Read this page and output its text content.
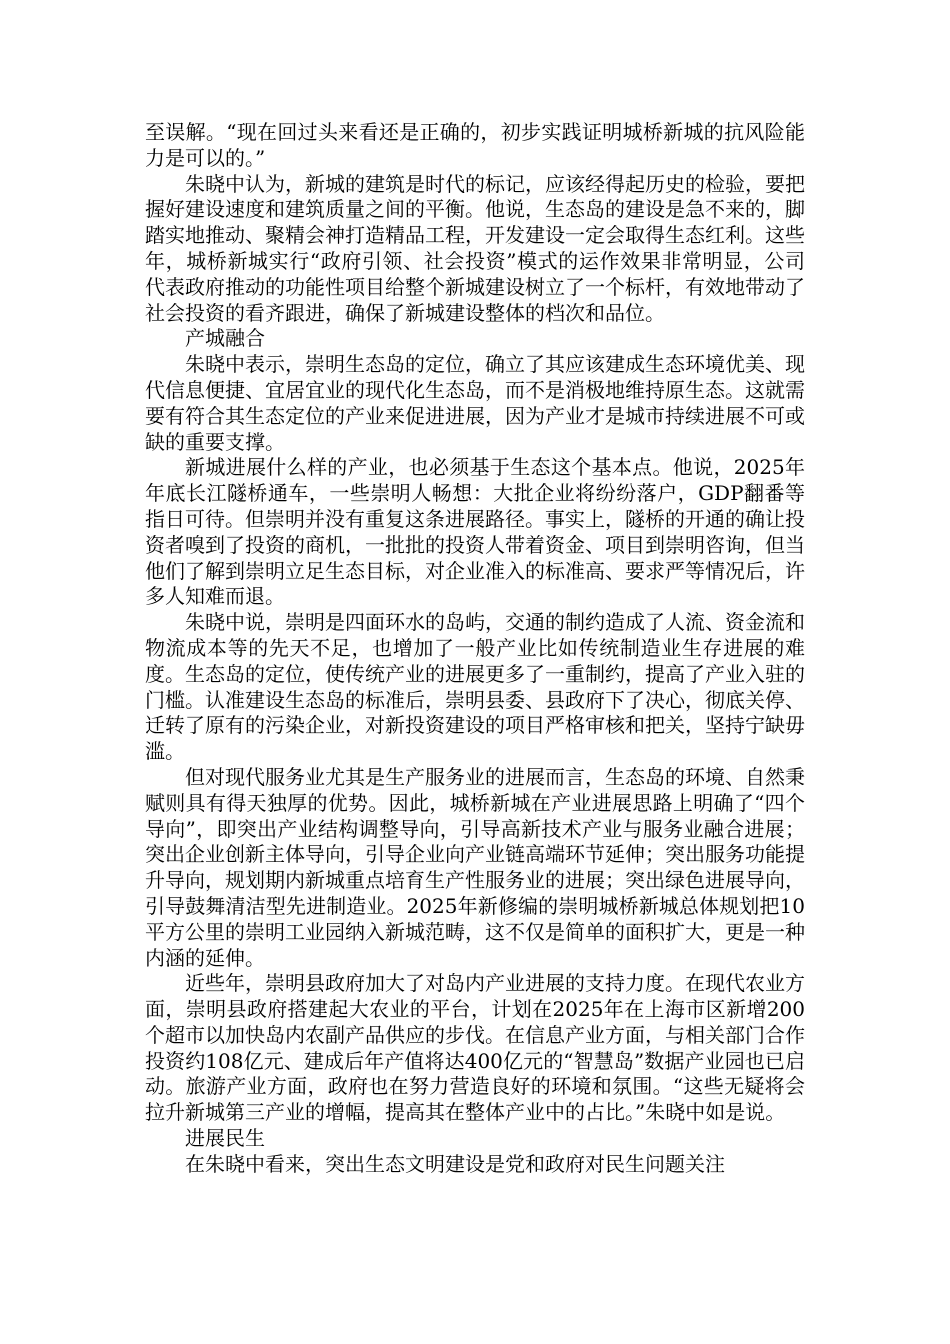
至误解。“现在回过头来看还是正确的，初步实践证明城桥新城的抗风险能力是可以的。”

朱晓中认为，新城的建筑是时代的标记，应该经得起历史的检验，要把握好建设速度和建筑质量之间的平衡。他说，生态岛的建设是急不来的，脚踏实地推动、聚精会神打造精品工程，开发建设一定会取得生态红利。这些年，城桥新城实行“政府引领、社会投资”模式的运作效果非常明显，公司代表政府推动的功能性项目给整个新城建设树立了一个标杆，有效地带动了社会投资的看齐跟进，确保了新城建设整体的档次和品位。

产城融合

朱晓中表示，崇明生态岛的定位，确立了其应该建成生态环境优美、现代信息便捷、宜居宜业的现代化生态岛，而不是消极地维持原生态。这就需要有符合其生态定位的产业来促进进展，因为产业才是城市持续进展不可或缺的重要支撑。

新城进展什么样的产业，也必须基于生态这个基本点。他说，2025年年底长江隧桥通车，一些崇明人畅想：大批企业将纷纷落户，GDP翻番等指日可待。但崇明并没有重复这条进展路径。事实上，隧桥的开通的确让投资者嗅到了投资的商机，一批批的投资人带着资金、项目到崇明咨询，但当他们了解到崇明立足生态目标，对企业准入的标准高、要求严等情况后，许多人知难而退。

朱晓中说，崇明是四面环水的岛屿，交通的制约造成了人流、资金流和物流成本等的先天不足，也增加了一般产业比如传统制造业生存进展的难度。生态岛的定位，使传统产业的进展更多了一重制约，提高了产业入驻的门槛。认准建设生态岛的标准后，崇明县委、县政府下了决心，彻底关停、迁转了原有的污染企业，对新投资建设的项目严格审核和把关，坚持宁缺毋滥。

但对现代服务业尤其是生产服务业的进展而言，生态岛的环境、自然秉赋则具有得天独厚的优势。因此，城桥新城在产业进展思路上明确了“四个导向”，即突出产业结构调整导向，引导高新技术产业与服务业融合进展；突出企业创新主体导向，引导企业向产业链高端环节延伸；突出服务功能提升导向，规划期内新城重点培育生产性服务业的进展；突出绿色进展导向，引导鼓舞清洁型先进制造业。2025年新修编的崇明城桥新城总体规划把10平方公里的崇明工业园纳入新城范畴，这不仅是简单的面积扩大，更是一种内涵的延伸。

近些年，崇明县政府加大了对岛内产业进展的支持力度。在现代农业方面，崇明县政府搭建起大农业的平台，计划在2025年在上海市区新增200个超市以加快岛内农副产品供应的步伐。在信息产业方面，与相关部门合作投资约108亿元、建成后年产值将达400亿元的“智慧岛”数据产业园也已启动。旅游产业方面，政府也在努力营造良好的环境和氛围。“这些无疑将会拉升新城第三产业的增幅，提高其在整体产业中的占比。”朱晓中如是说。

进展民生

在朱晓中看来，突出生态文明建设是党和政府对民生问题关注
